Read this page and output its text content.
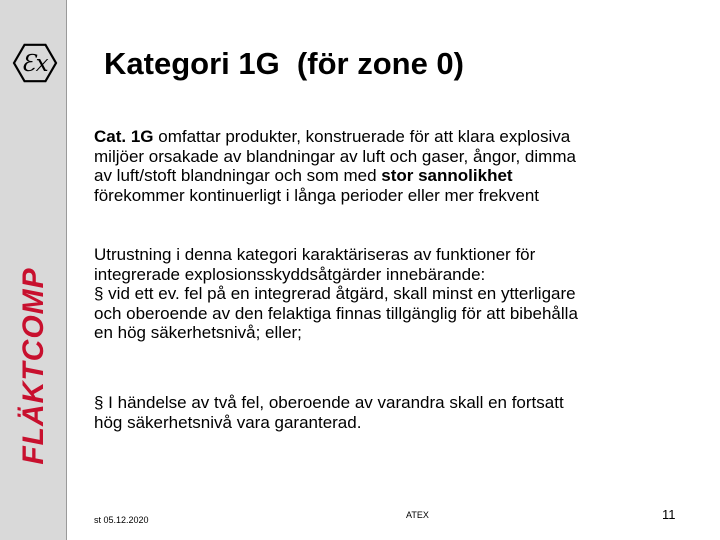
Ɛx
FLÄKTCOMP
Kategori 1G  (för zone 0)
Cat. 1G omfattar produkter, konstruerade för att klara explosiva
miljöer orsakade av blandningar av luft och gaser, ångor, dimma
av luft/stoft blandningar och som med stor sannolikhet
förekommer kontinuerligt i långa perioder eller mer frekvent
Utrustning i denna kategori karaktäriseras av funktioner för
integrerade explosionsskyddsåtgärder innebärande:
§ vid ett ev. fel på en integrerad åtgärd, skall minst en ytterligare
och oberoende av den felaktiga finnas tillgänglig för att bibehålla
en hög säkerhetsnivå; eller;
§ I händelse av två fel, oberoende av varandra skall en fortsatt
hög säkerhetsnivå vara garanterad.
st 05.12.2020	ATEX	11
